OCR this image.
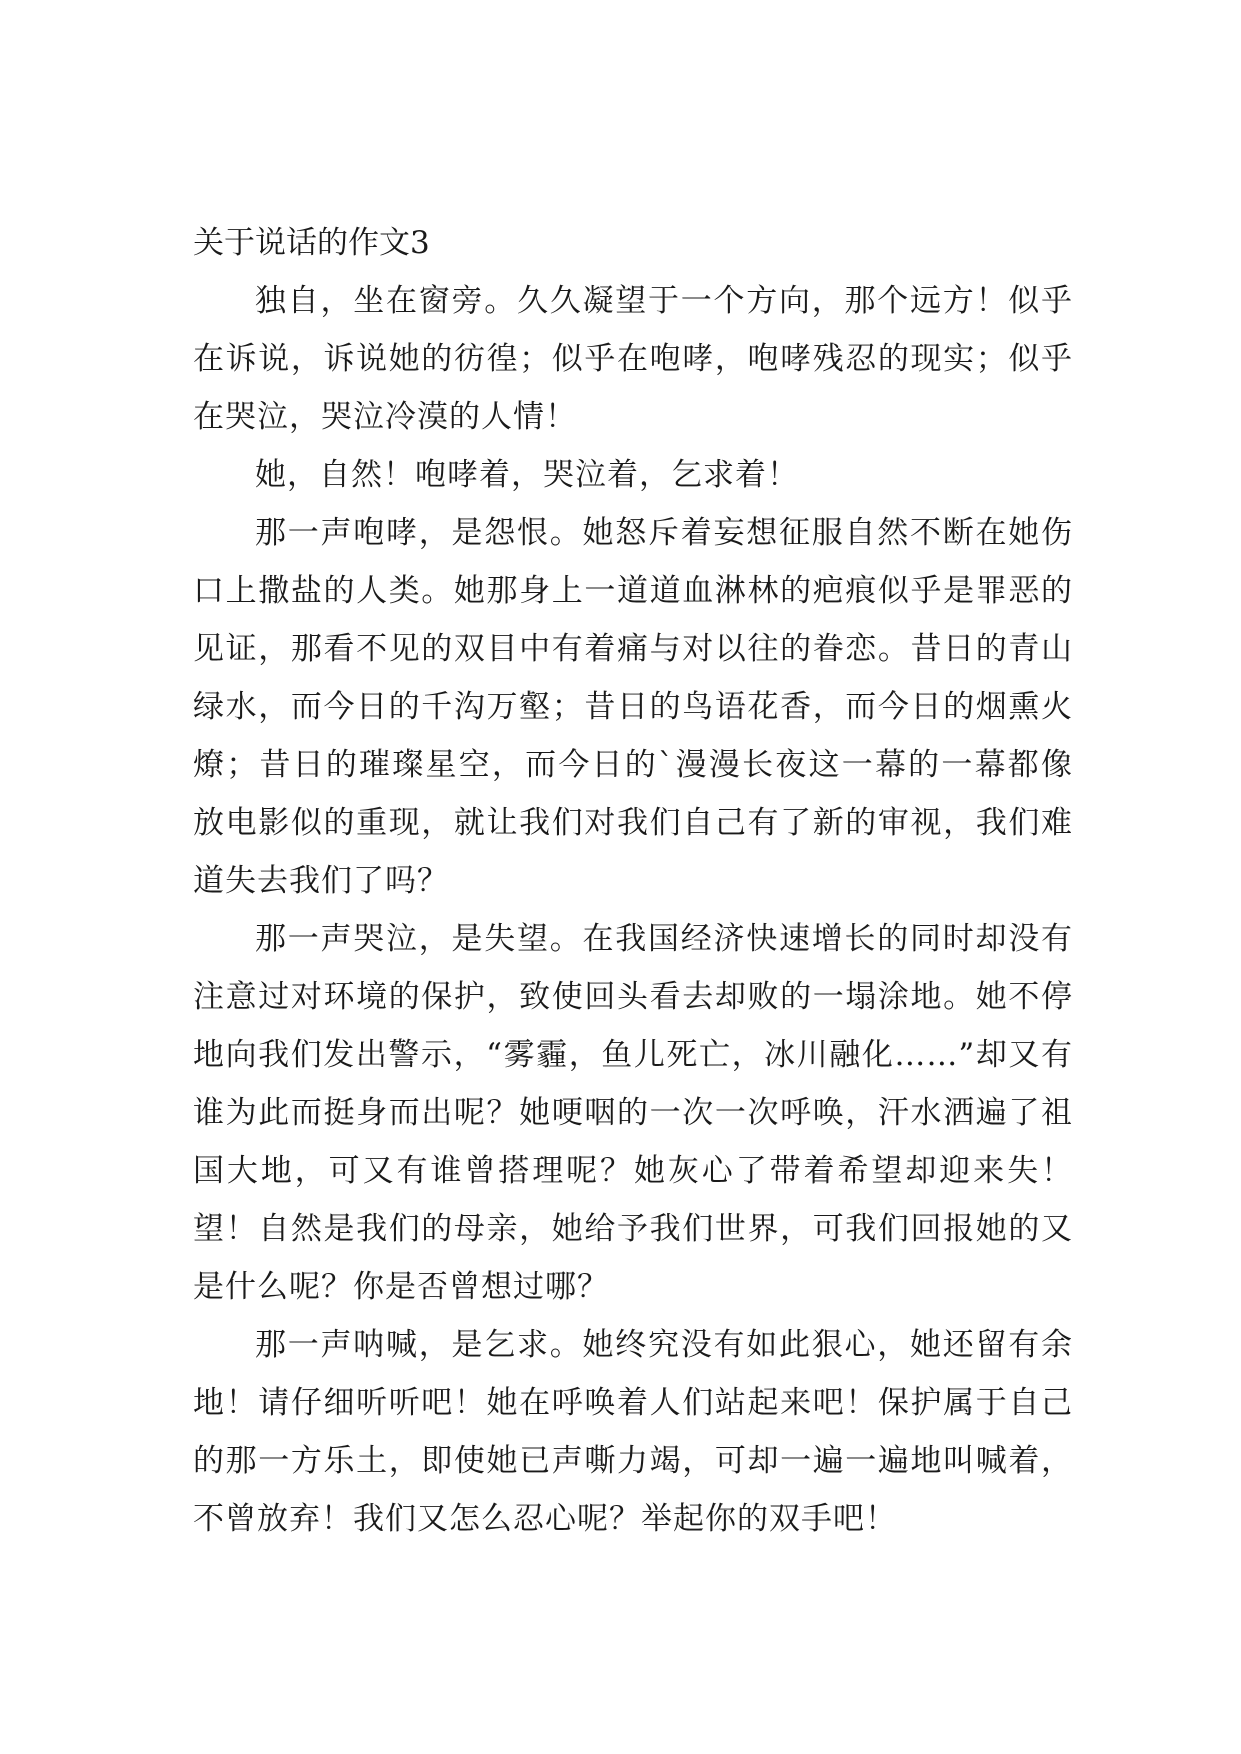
关于说话的作文3

独自，坐在窗旁。久久凝望于一个方向，那个远方！似乎在诉说，诉说她的彷徨；似乎在咆哮，咆哮残忍的现实；似乎在哭泣，哭泣冷漠的人情！

她，自然！咆哮着，哭泣着，乞求着！

那一声咆哮，是怨恨。她怒斥着妄想征服自然不断在她伤口上撒盐的人类。她那身上一道道血淋林的疤痕似乎是罪恶的见证，那看不见的双目中有着痛与对以往的眷恋。昔日的青山绿水，而今日的千沟万壑；昔日的鸟语花香，而今日的烟熏火燎；昔日的璀璨星空，而今日的`漫漫长夜这一幕的一幕都像放电影似的重现，就让我们对我们自己有了新的审视，我们难道失去我们了吗？

那一声哭泣，是失望。在我国经济快速增长的同时却没有注意过对环境的保护，致使回头看去却败的一塌涂地。她不停地向我们发出警示，“雾霾，鱼儿死亡，冰川融化……”却又有谁为此而挺身而出呢？她哽咽的一次一次呼唤，汗水洒遍了祖国大地，可又有谁曾搭理呢？她灰心了带着希望却迎来失！望！自然是我们的母亲，她给予我们世界，可我们回报她的又是什么呢？你是否曾想过哪？

那一声呐喊，是乞求。她终究没有如此狠心，她还留有余地！请仔细听听吧！她在呼唤着人们站起来吧！保护属于自己的那一方乐土，即使她已声嘶力竭，可却一遍一遍地叫喊着，不曾放弃！我们又怎么忍心呢？举起你的双手吧！
